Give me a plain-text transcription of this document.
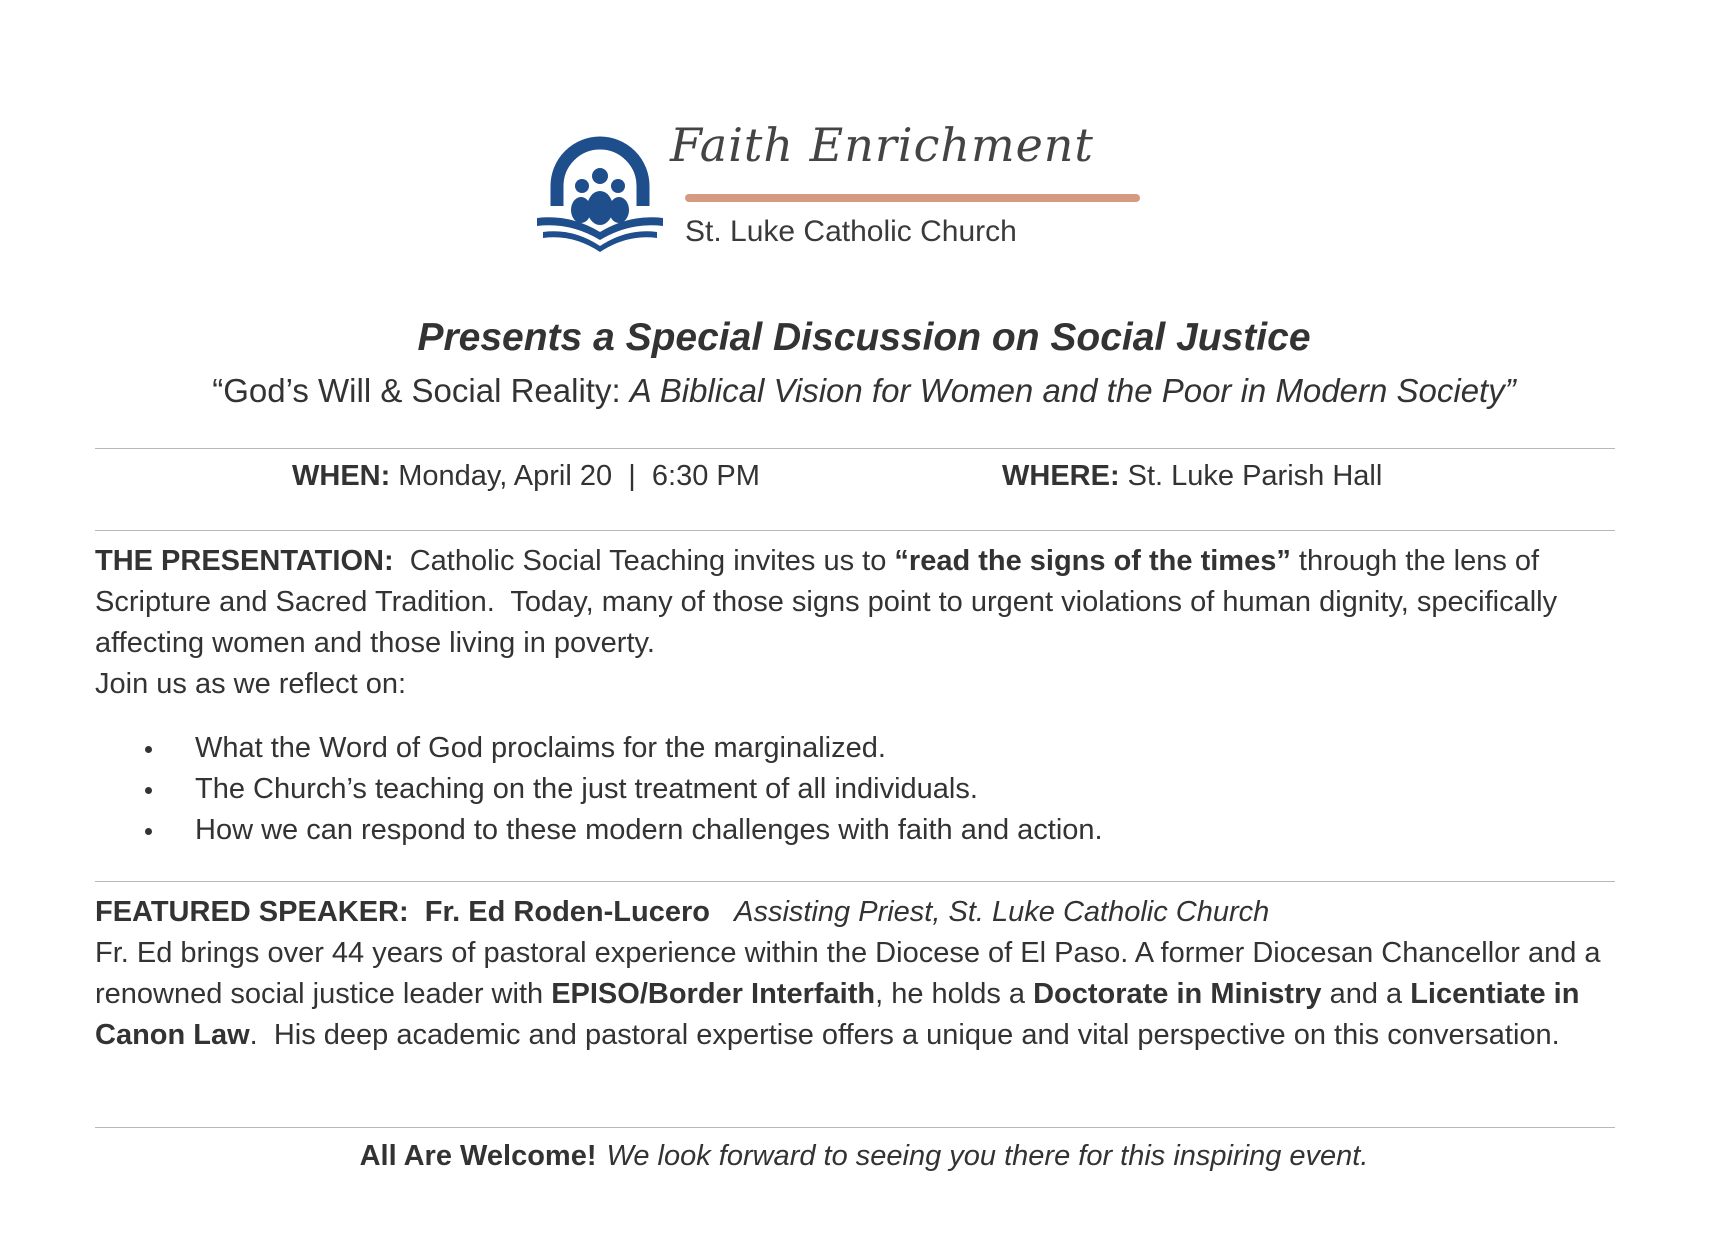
Faith Enrichment
St. Luke Catholic Church
Presents a Special Discussion on Social Justice
“God’s Will & Social Reality: A Biblical Vision for Women and the Poor in Modern Society”
WHEN: Monday, April 20  |  6:30 PM	WHERE: St. Luke Parish Hall
THE PRESENTATION:  Catholic Social Teaching invites us to “read the signs of the times” through the lens of Scripture and Sacred Tradition.  Today, many of those signs point to urgent violations of human dignity, specifically affecting women and those living in poverty.
Join us as we reflect on:
What the Word of God proclaims for the marginalized.
The Church’s teaching on the just treatment of all individuals.
How we can respond to these modern challenges with faith and action.
FEATURED SPEAKER: Fr. Ed Roden-Lucero Assisting Priest, St. Luke Catholic Church
Fr. Ed brings over 44 years of pastoral experience within the Diocese of El Paso. A former Diocesan Chancellor and a renowned social justice leader with EPISO/Border Interfaith, he holds a Doctorate in Ministry and a Licentiate in Canon Law.  His deep academic and pastoral expertise offers a unique and vital perspective on this conversation.
All Are Welcome! We look forward to seeing you there for this inspiring event.
